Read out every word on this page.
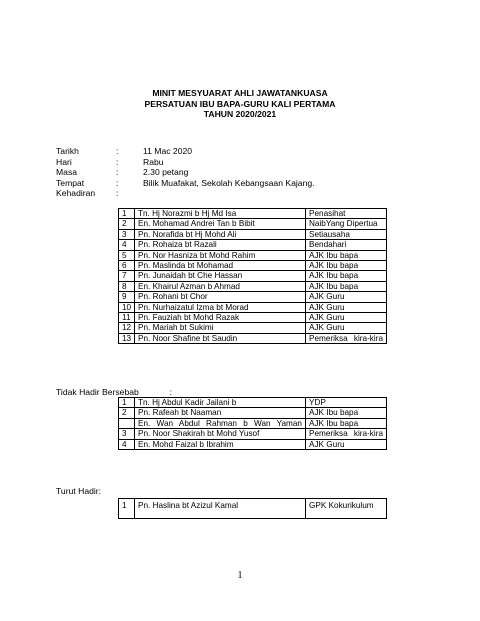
MINIT MESYUARAT AHLI JAWATANKUASA
PERSATUAN IBU BAPA-GURU KALI PERTAMA
TAHUN 2020/2021
Tarikh	:	11 Mac 2020
Hari	:	Rabu
Masa	:	2.30 petang
Tempat	:	Bilik Muafakat, Sekolah Kebangsaan Kajang.
Kehadiran	:
1	Tn. Hj Norazmi b Hj Md Isa	Penasihat
2	En. Mohamad Andrei Tan b Bibit	NaibYang Dipertua
3	Pn. Norafida bt Hj Mohd Ali	Setiausaha
4	Pn. Rohaiza bt Razali	Bendahari
5	Pn. Nor Hasniza bt Mohd Rahim	AJK Ibu bapa
6	Pn. Maslinda bt Mohamad	AJK Ibu bapa
7	Pn. Junaidah bt Che Hassan	AJK Ibu bapa
8	En. Khairul Azman b Ahmad	AJK Ibu bapa
9	Pn. Rohani bt Chor	AJK Guru
10	Pn. Nurhaizatul Izma bt Morad	AJK Guru
11	Pn. Fauziah bt Mohd Razak	AJK Guru
12	Pn. Mariah bt Sukimi	AJK Guru
13	Pn. Noor Shafine bt Saudin	Pemeriksa kira-kira
Tidak Hadir Bersebab	:
1	Tn. Hj Abdul Kadir Jailani b	YDP
2	Pn. Rafeah bt Naaman	AJK Ibu bapa
	En. Wan Abdul Rahman b Wan Yaman	AJK Ibu bapa
3	Pn. Noor Shakirah bt Mohd Yusof	Pemeriksa kira-kira
4	En. Mohd Faizal b Ibrahim	AJK Guru
Turut Hadir:
1	Pn. Haslina bt Azizul Kamal	GPK Kokurikulum
1
